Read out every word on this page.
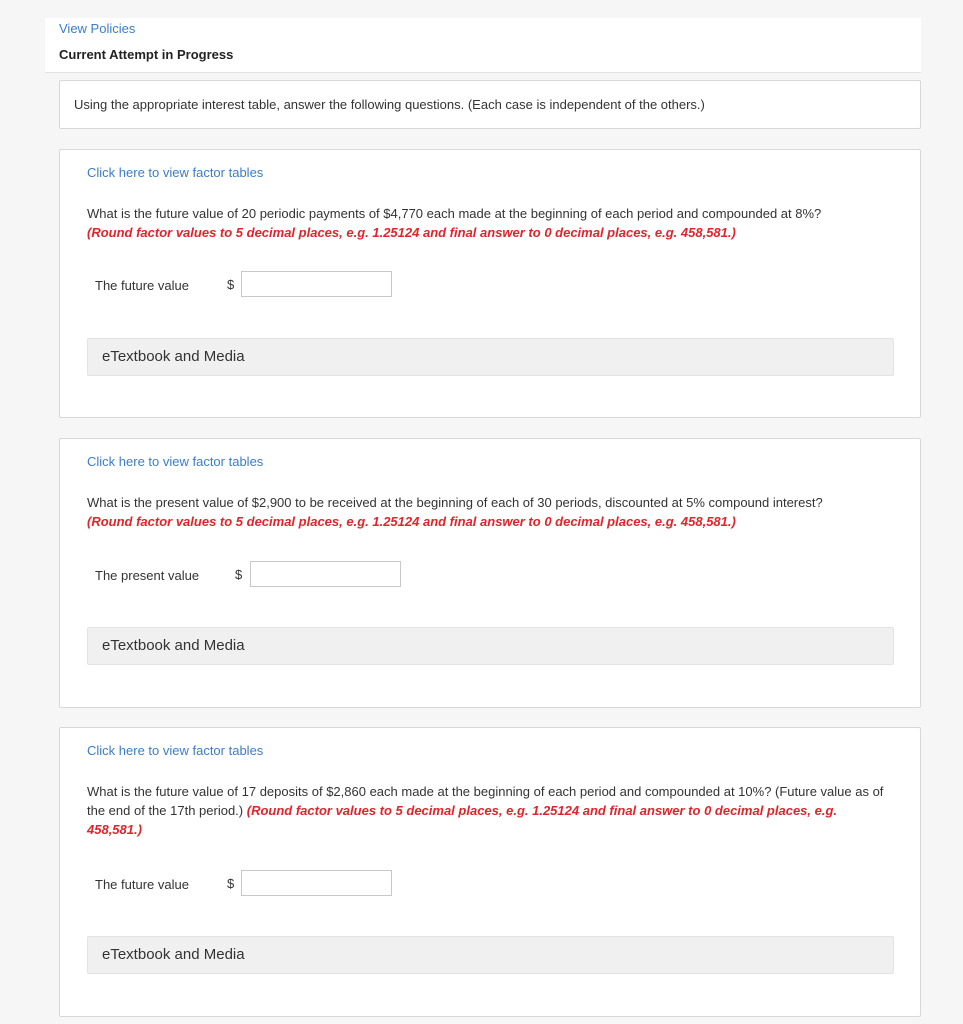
View Policies
Current Attempt in Progress
Using the appropriate interest table, answer the following questions. (Each case is independent of the others.)
Click here to view factor tables
What is the future value of 20 periodic payments of $4,770 each made at the beginning of each period and compounded at 8%?
(Round factor values to 5 decimal places, e.g. 1.25124 and final answer to 0 decimal places, e.g. 458,581.)
The future value	$
eTextbook and Media
Click here to view factor tables
What is the present value of $2,900 to be received at the beginning of each of 30 periods, discounted at 5% compound interest?
(Round factor values to 5 decimal places, e.g. 1.25124 and final answer to 0 decimal places, e.g. 458,581.)
The present value	$
eTextbook and Media
Click here to view factor tables
What is the future value of 17 deposits of $2,860 each made at the beginning of each period and compounded at 10%? (Future value as of the end of the 17th period.) (Round factor values to 5 decimal places, e.g. 1.25124 and final answer to 0 decimal places, e.g. 458,581.)
The future value	$
eTextbook and Media
